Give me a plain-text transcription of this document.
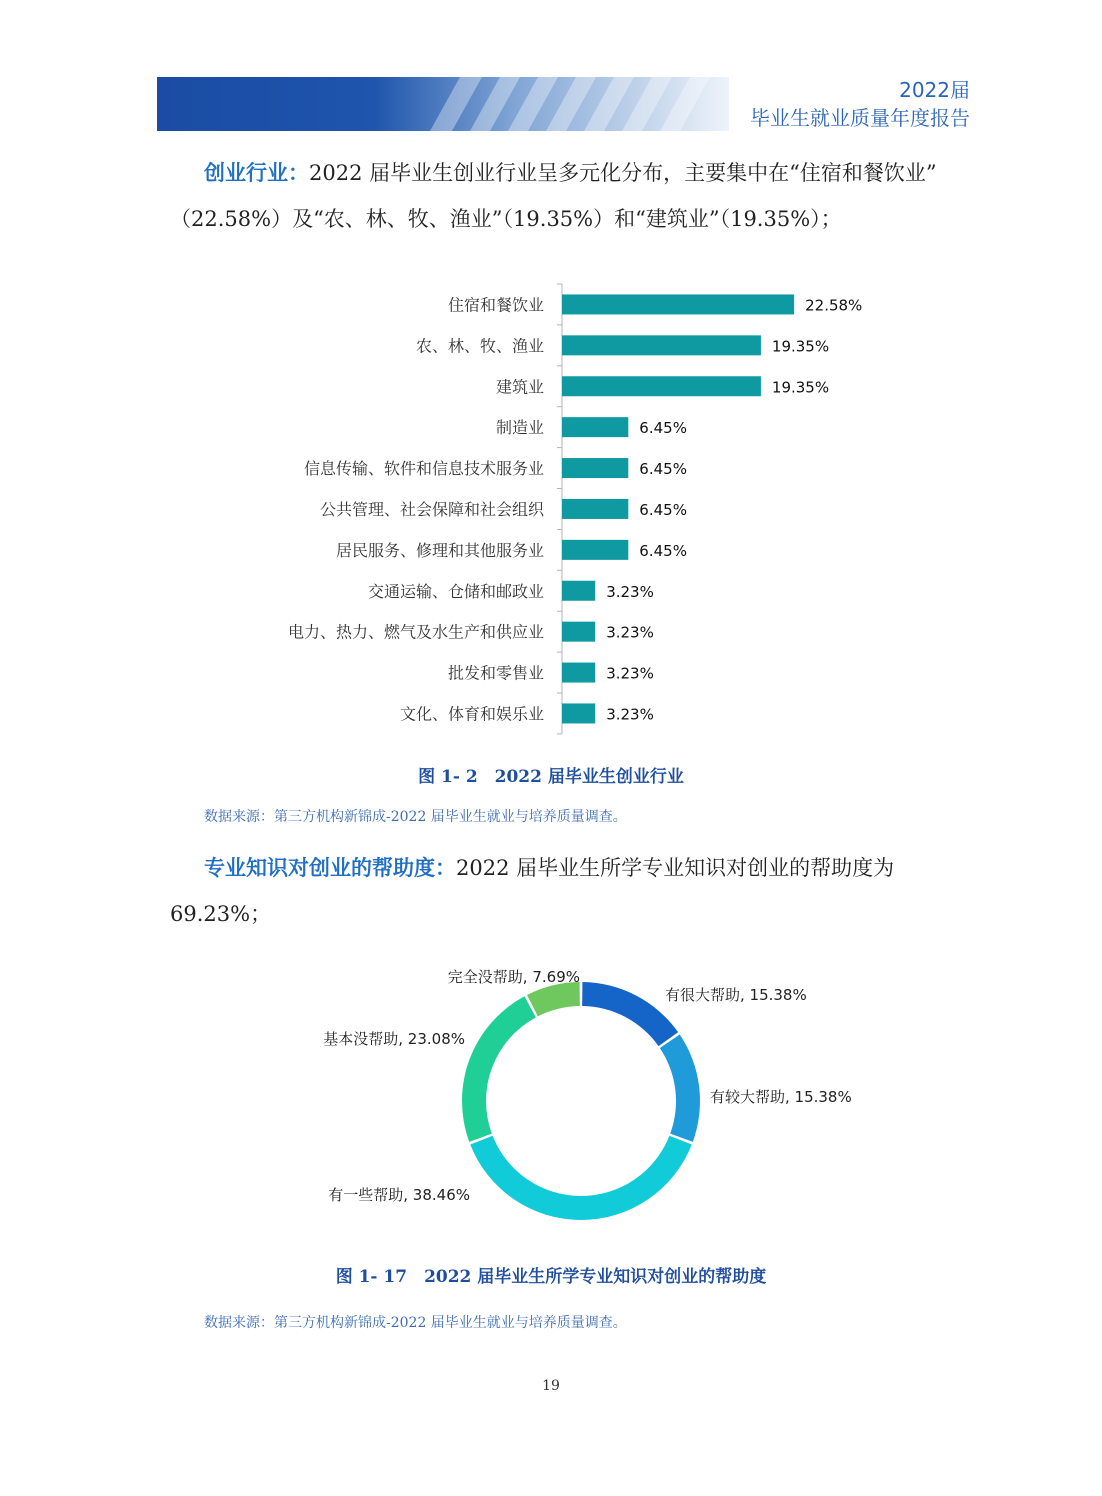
2022届
毕业生就业质量年度报告
创业行业：2022 届毕业生创业行业呈多元化分布，主要集中在“住宿和餐饮业”
（22.58%）及“农、林、牧、渔业”（19.35%）和“建筑业”（19.35%）；
住宿和餐饮业	22.58%
农、林、牧、渔业	19.35%
建筑业	19.35%
制造业	6.45%
信息传输、软件和信息技术服务业	6.45%
公共管理、社会保障和社会组织	6.45%
居民服务、修理和其他服务业	6.45%
交通运输、仓储和邮政业	3.23%
电力、热力、燃气及水生产和供应业	3.23%
批发和零售业	3.23%
文化、体育和娱乐业	3.23%
图 1- 2　2022 届毕业生创业行业
数据来源：第三方机构新锦成-2022 届毕业生就业与培养质量调查。
专业知识对创业的帮助度：2022 届毕业生所学专业知识对创业的帮助度为
69.23%；
有很大帮助, 15.38%
有较大帮助, 15.38%
有一些帮助, 38.46%
基本没帮助, 23.08%
完全没帮助, 7.69%
图 1- 17　2022 届毕业生所学专业知识对创业的帮助度
数据来源：第三方机构新锦成-2022 届毕业生就业与培养质量调查。
19
